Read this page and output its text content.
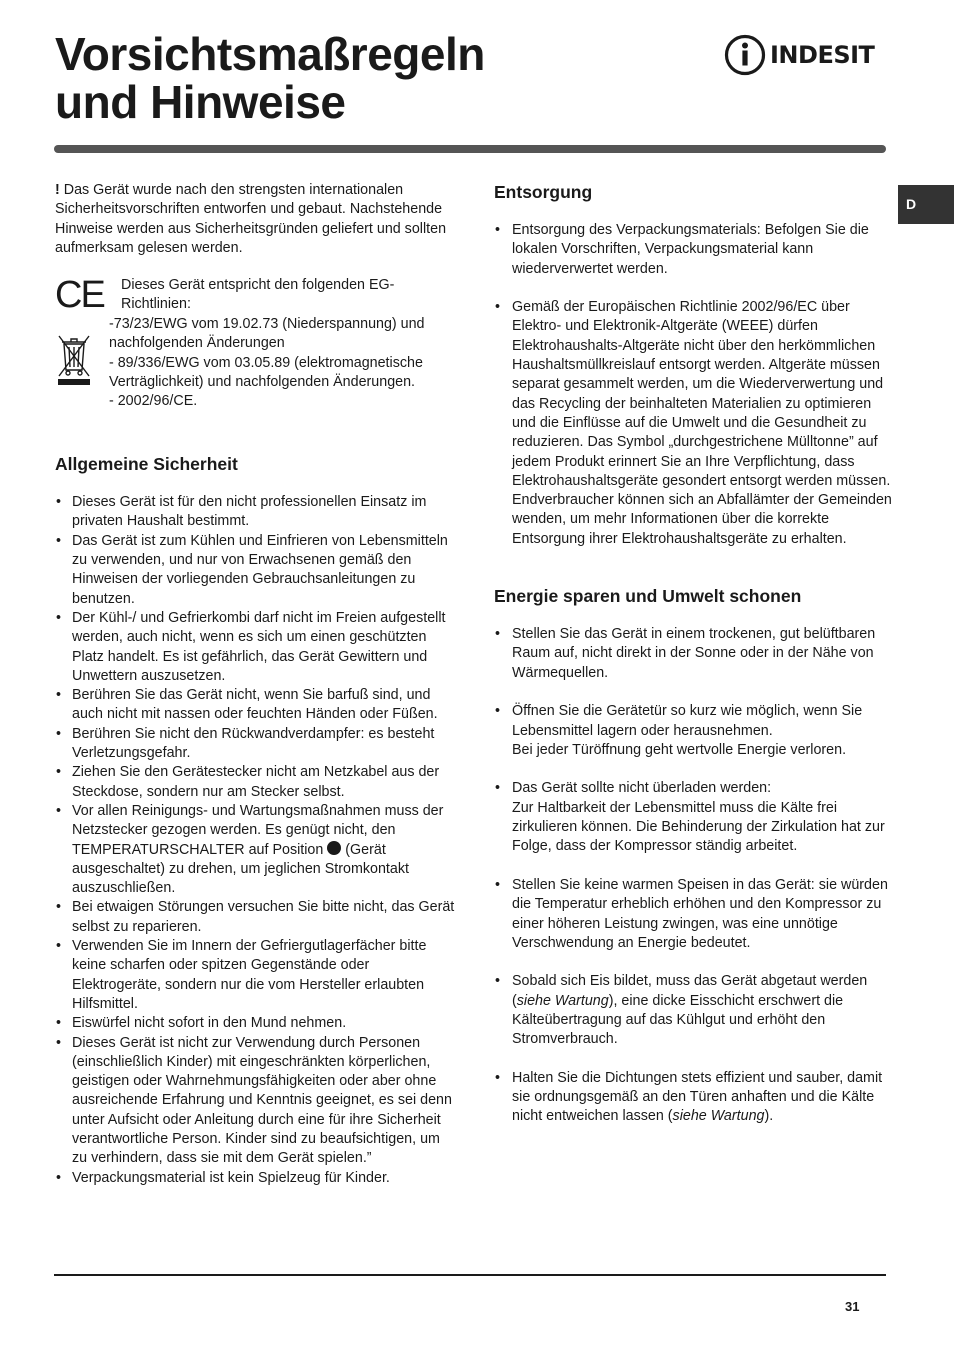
Vorsichtsmaßregeln
und Hinweise
INDESIT
D

! Das Gerät wurde nach den strengsten internationalen Sicherheitsvorschriften entworfen und gebaut. Nachstehende Hinweise werden aus Sicherheitsgründen geliefert und sollten aufmerksam gelesen werden.

CE Dieses Gerät entspricht den folgenden EG-Richtlinien:

-73/23/EWG vom 19.02.73 (Niederspannung) und nachfolgenden Änderungen

- 89/336/EWG vom 03.05.89 (elektromagnetische Verträglichkeit) und nachfolgenden Änderungen.

- 2002/96/CE.

Allgemeine Sicherheit
• Dieses Gerät ist für den nicht professionellen Einsatz im privaten Haushalt bestimmt.
• Das Gerät ist zum Kühlen und Einfrieren von Lebensmitteln zu verwenden, und nur von Erwachsenen gemäß den Hinweisen der vorliegenden Gebrauchsanleitungen zu benutzen.
• Der Kühl-/ und Gefrierkombi darf nicht im Freien aufgestellt werden, auch nicht, wenn es sich um einen geschützten Platz handelt. Es ist gefährlich, das Gerät Gewittern und Unwettern auszusetzen.
• Berühren Sie das Gerät nicht, wenn Sie barfuß sind, und auch nicht mit nassen oder feuchten Händen oder Füßen.
• Berühren Sie nicht den Rückwandverdampfer: es besteht Verletzungsgefahr.
• Ziehen Sie den Gerätestecker nicht am Netzkabel aus der Steckdose, sondern nur am Stecker selbst.
• Vor allen Reinigungs- und Wartungsmaßnahmen muss der Netzstecker gezogen werden. Es genügt nicht, den TEMPERATURSCHALTER auf Position  (Gerät ausgeschaltet) zu drehen, um jeglichen Stromkontakt auszuschließen.
• Bei etwaigen Störungen versuchen Sie bitte nicht, das Gerät selbst zu reparieren.
• Verwenden Sie im Innern der Gefriergutlagerfächer bitte keine scharfen oder spitzen Gegenstände oder Elektrogeräte, sondern nur die vom Hersteller erlaubten Hilfsmittel.
• Eiswürfel nicht sofort in den Mund nehmen.
• Dieses Gerät ist nicht zur Verwendung durch Personen (einschließlich Kinder) mit eingeschränkten körperlichen, geistigen oder Wahrnehmungsfähigkeiten oder aber ohne ausreichende Erfahrung und Kenntnis geeignet, es sei denn unter Aufsicht oder Anleitung durch eine für ihre Sicherheit verantwortliche Person. Kinder sind zu beaufsichtigen, um zu verhindern, dass sie mit dem Gerät spielen.”
• Verpackungsmaterial ist kein Spielzeug für Kinder.
Entsorgung
• Entsorgung des Verpackungsmaterials: Befolgen Sie die lokalen Vorschriften, Verpackungsmaterial kann wiederverwertet werden.

• Gemäß der Europäischen Richtlinie 2002/96/EC über Elektro- und Elektronik-Altgeräte (WEEE) dürfen Elektrohaushalts-Altgeräte nicht über den herkömmlichen Haushaltsmüllkreislauf entsorgt werden. Altgeräte müssen separat gesammelt werden, um die Wiederverwertung und das Recycling der beinhalteten Materialien zu optimieren und die Einflüsse auf die Umwelt und die Gesundheit zu reduzieren. Das Symbol „durchgestrichene Mülltonne” auf jedem Produkt erinnert Sie an Ihre Verpflichtung, dass Elektrohaushaltsgeräte gesondert entsorgt werden müssen.

Endverbraucher können sich an Abfallämter der Gemeinden wenden, um mehr Informationen über die korrekte Entsorgung ihrer Elektrohaushaltsgeräte zu erhalten.

Energie sparen und Umwelt schonen
• Stellen Sie das Gerät in einem trockenen, gut belüftbaren Raum auf, nicht direkt in der Sonne oder in der Nähe von Wärmequellen.

• Öffnen Sie die Gerätetür so kurz wie möglich, wenn Sie Lebensmittel lagern oder herausnehmen.

Bei jeder Türöffnung geht wertvolle Energie verloren.

• Das Gerät sollte nicht überladen werden:

Zur Haltbarkeit der Lebensmittel muss die Kälte frei zirkulieren können. Die Behinderung der Zirkulation hat zur Folge, dass der Kompressor ständig arbeitet.

• Stellen Sie keine warmen Speisen in das Gerät: sie würden die Temperatur erheblich erhöhen und den Kompressor zu einer höheren Leistung zwingen, was eine unnötige Verschwendung an Energie bedeutet.
• Sobald sich Eis bildet, muss das Gerät abgetaut werden (siehe Wartung), eine dicke Eisschicht erschwert die Kälteübertragung auf das Kühlgut und erhöht den Stromverbrauch.
• Halten Sie die Dichtungen stets effizient und sauber, damit sie ordnungsgemäß an den Türen anhaften und die Kälte nicht entweichen lassen (siehe Wartung).
31
